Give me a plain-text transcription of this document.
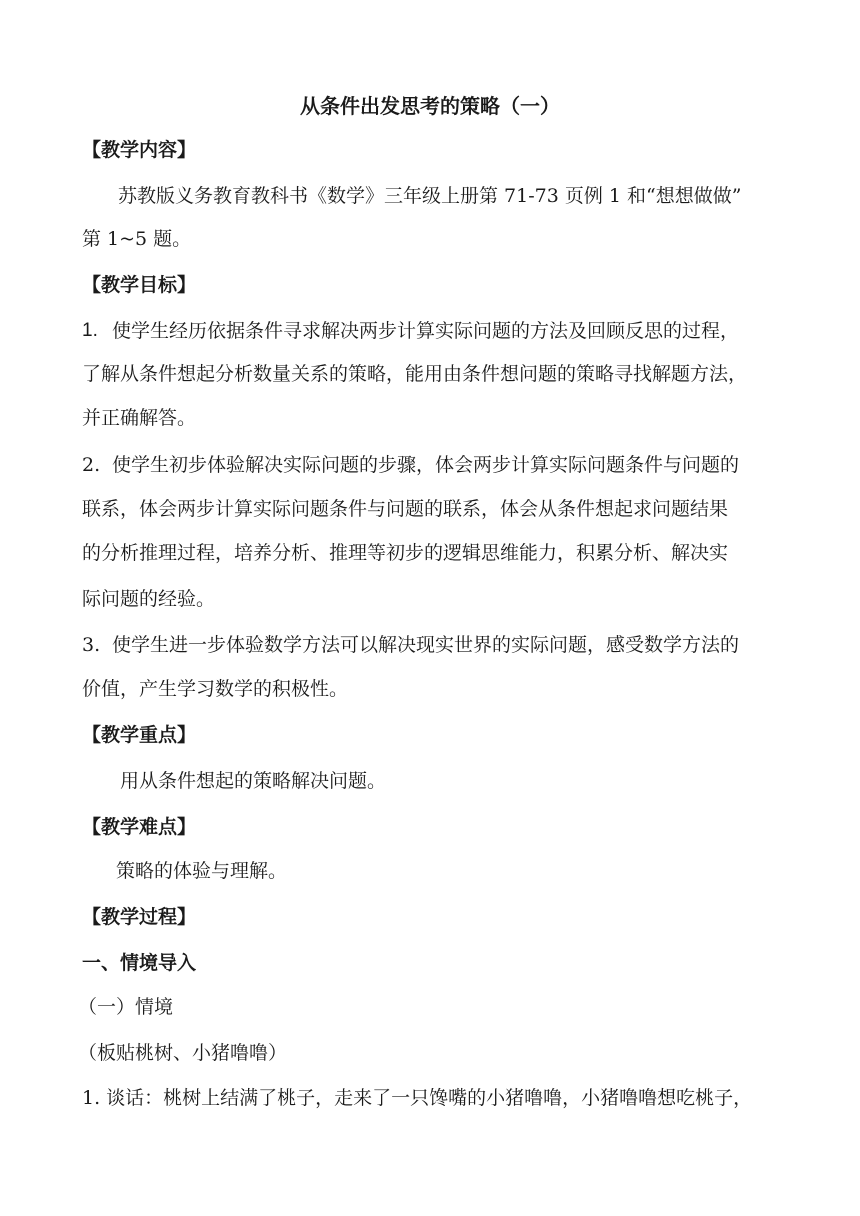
从条件出发思考的策略（一）
【教学内容】
苏教版义务教育教科书《数学》三年级上册第 71-73 页例 1 和“想想做做”
第 1~5 题。
【教学目标】
1. 使学生经历依据条件寻求解决两步计算实际问题的方法及回顾反思的过程，
了解从条件想起分析数量关系的策略，能用由条件想问题的策略寻找解题方法，
并正确解答。
2. 使学生初步体验解决实际问题的步骤，体会两步计算实际问题条件与问题的
联系，体会两步计算实际问题条件与问题的联系，体会从条件想起求问题结果
的分析推理过程，培养分析、推理等初步的逻辑思维能力，积累分析、解决实
际问题的经验。
3. 使学生进一步体验数学方法可以解决现实世界的实际问题，感受数学方法的
价值，产生学习数学的积极性。
【教学重点】
用从条件想起的策略解决问题。
【教学难点】
策略的体验与理解。
【教学过程】
一、情境导入
（一）情境
（板贴桃树、小猪噜噜）
1. 谈话：桃树上结满了桃子，走来了一只馋嘴的小猪噜噜，小猪噜噜想吃桃子，
